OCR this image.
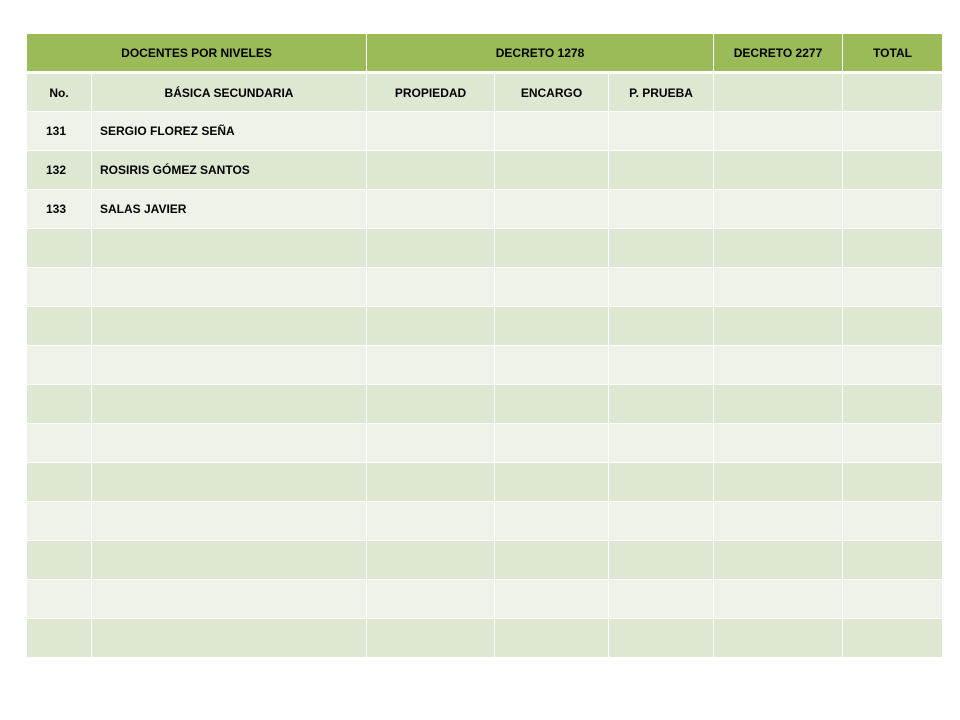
DOCENTES POR NIVELES		DECRETO 1278			DECRETO 2277	TOTAL
No.	BÁSICA SECUNDARIA	PROPIEDAD	ENCARGO	P. PRUEBA		
131	SERGIO FLOREZ SEÑA					
132	ROSIRIS GÓMEZ SANTOS					
133	SALAS JAVIER					
